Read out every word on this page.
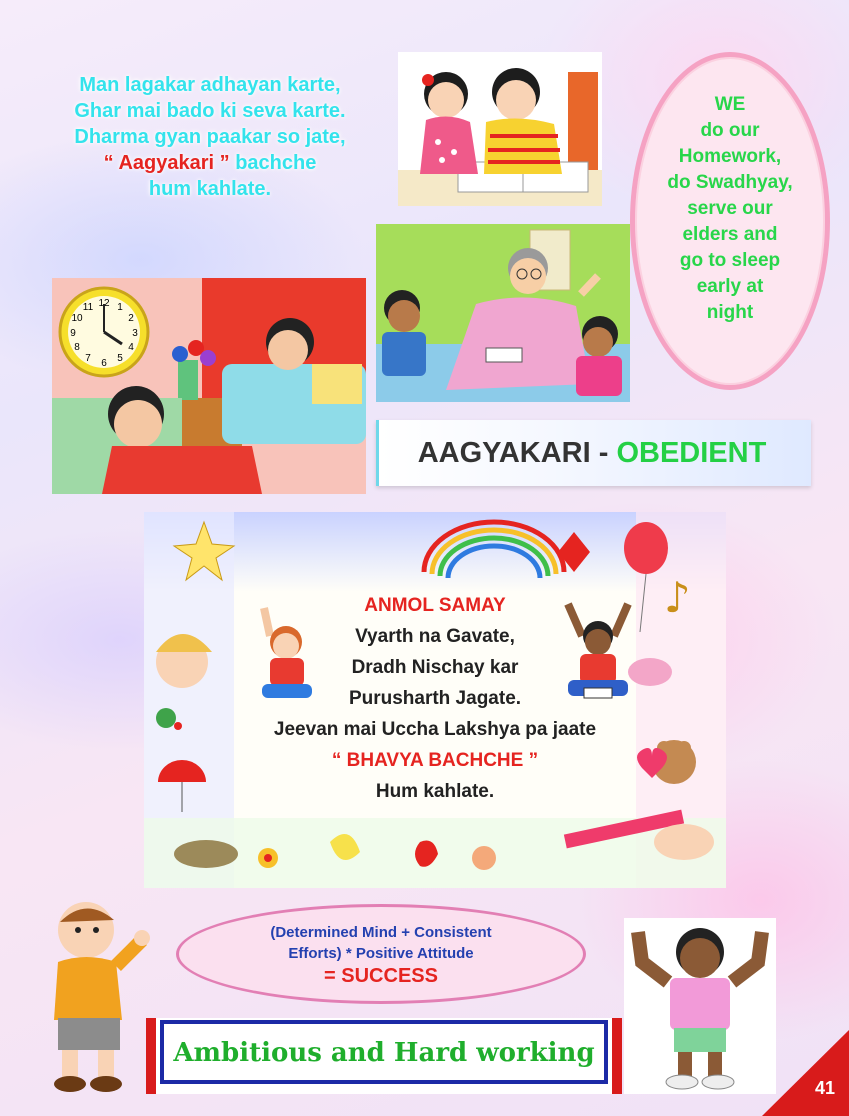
Man lagakar adhayan karte,
Ghar mai bado ki seva karte.
Dharma gyan paakar so jate,
“ Aagyakari ” bachche
hum kahlate.
WE
do our
Homework,
do Swadhyay,
serve our
elders and
go to sleep
early at
night
12 1
2
3
4
5
6
7
8
9
10
11
AAGYAKARI - OBEDIENT
♪
ANMOL SAMAY
Vyarth na Gavate,
Dradh Nischay kar
Purusharth Jagate.
Jeevan mai Uccha Lakshya pa jaate
“ BHAVYA BACHCHE ”
Hum kahlate.
(Determined Mind + Consistent
Efforts) * Positive Attitude
= SUCCESS
Ambitious and Hard working
41
